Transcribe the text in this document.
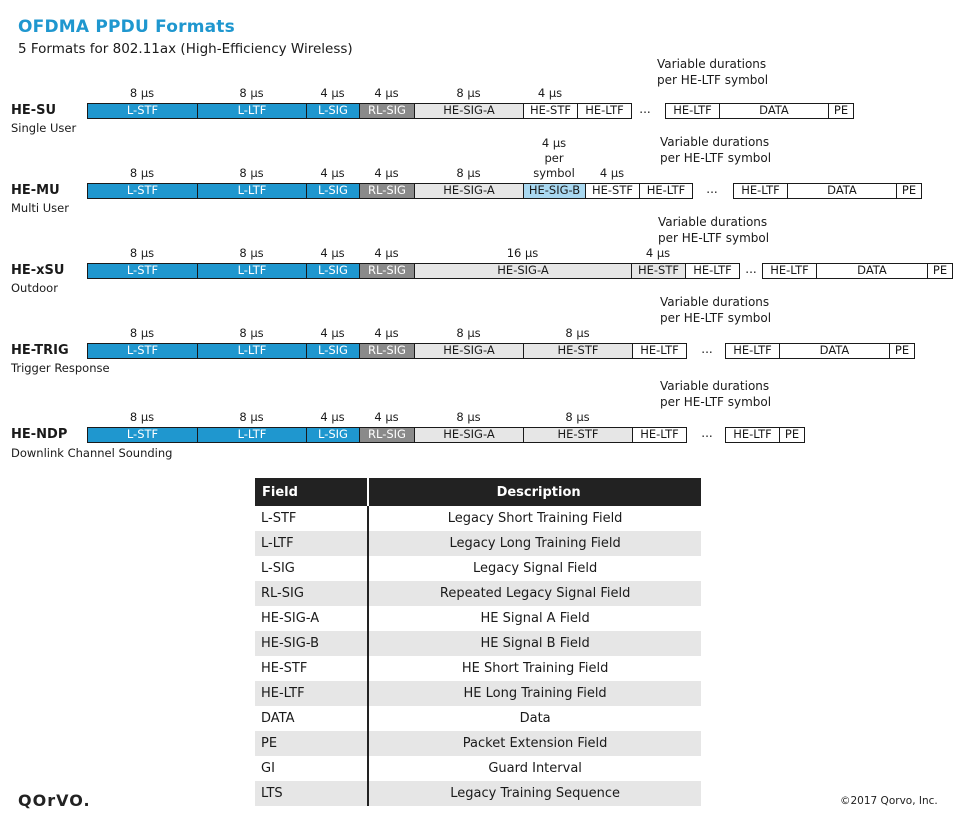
OFDMA PPDU Formats
5 Formats for 802.11ax (High-Efficiency Wireless)
HE-SU
Single User
Variable durations
per HE-LTF symbol
L-STF
8 µs
L-LTF
8 µs
L-SIG
4 µs
RL-SIG
4 µs
HE-SIG-A
8 µs
HE-STF
4 µs
HE-LTF	HE-LTF	DATA	PE
...
HE-MU
Multi User
Variable durations
per HE-LTF symbol
L-STF
8 µs
L-LTF
8 µs
L-SIG
4 µs
RL-SIG
4 µs
HE-SIG-A
8 µs
HE-SIG-B
4 µs
per
symbol
HE-STF
4 µs
HE-LTF	HE-LTF	DATA	PE
...
HE-xSU
Outdoor
Variable durations
per HE-LTF symbol
L-STF
8 µs
L-LTF
8 µs
L-SIG
4 µs
RL-SIG
4 µs
HE-SIG-A
16 µs
HE-STF
4 µs
HE-LTF	HE-LTF	DATA	PE
...
HE-TRIG
Trigger Response
Variable durations
per HE-LTF symbol
L-STF
8 µs
L-LTF
8 µs
L-SIG
4 µs
RL-SIG
4 µs
HE-SIG-A
8 µs
HE-STF
8 µs
HE-LTF	HE-LTF	DATA	PE
...
HE-NDP
Downlink Channel Sounding
Variable durations
per HE-LTF symbol
L-STF
8 µs
L-LTF
8 µs
L-SIG
4 µs
RL-SIG
4 µs
HE-SIG-A
8 µs
HE-STF
8 µs
HE-LTF	HE-LTF	PE
...
Field	Description
L-STF	Legacy Short Training Field
L-LTF	Legacy Long Training Field
L-SIG	Legacy Signal Field
RL-SIG	Repeated Legacy Signal Field
HE-SIG-A	HE Signal A Field
HE-SIG-B	HE Signal B Field
HE-STF	HE Short Training Field
HE-LTF	HE Long Training Field
DATA	Data
PE	Packet Extension Field
GI	Guard Interval
LTS	Legacy Training Sequence
QOrVO.	©2017 Qorvo, Inc.
